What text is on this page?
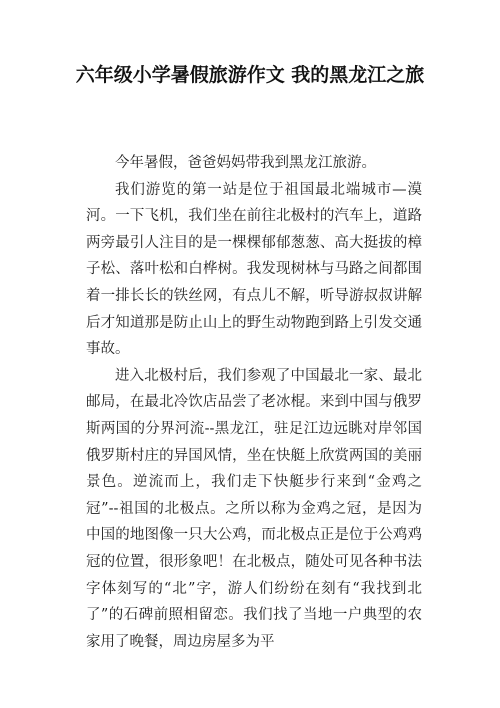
六年级小学暑假旅游作文 我的黑龙江之旅

今年暑假，爸爸妈妈带我到黑龙江旅游。

我们游览的第一站是位于祖国最北端城市—漠河。一下飞机，我们坐在前往北极村的汽车上，道路两旁最引人注目的是一棵棵郁郁葱葱、高大挺拔的樟子松、落叶松和白桦树。我发现树林与马路之间都围着一排长长的铁丝网，有点儿不解，听导游叔叔讲解后才知道那是防止山上的野生动物跑到路上引发交通事故。

进入北极村后，我们参观了中国最北一家、最北邮局，在最北冷饮店品尝了老冰棍。来到中国与俄罗斯两国的分界河流--黑龙江，驻足江边远眺对岸邻国俄罗斯村庄的异国风情，坐在快艇上欣赏两国的美丽景色。逆流而上，我们走下快艇步行来到“金鸡之冠”--祖国的北极点。之所以称为金鸡之冠，是因为中国的地图像一只大公鸡，而北极点正是位于公鸡鸡冠的位置，很形象吧！在北极点，随处可见各种书法字体刻写的“北”字，游人们纷纷在刻有“我找到北了”的石碑前照相留恋。我们找了当地一户典型的农家用了晚餐，周边房屋多为平
